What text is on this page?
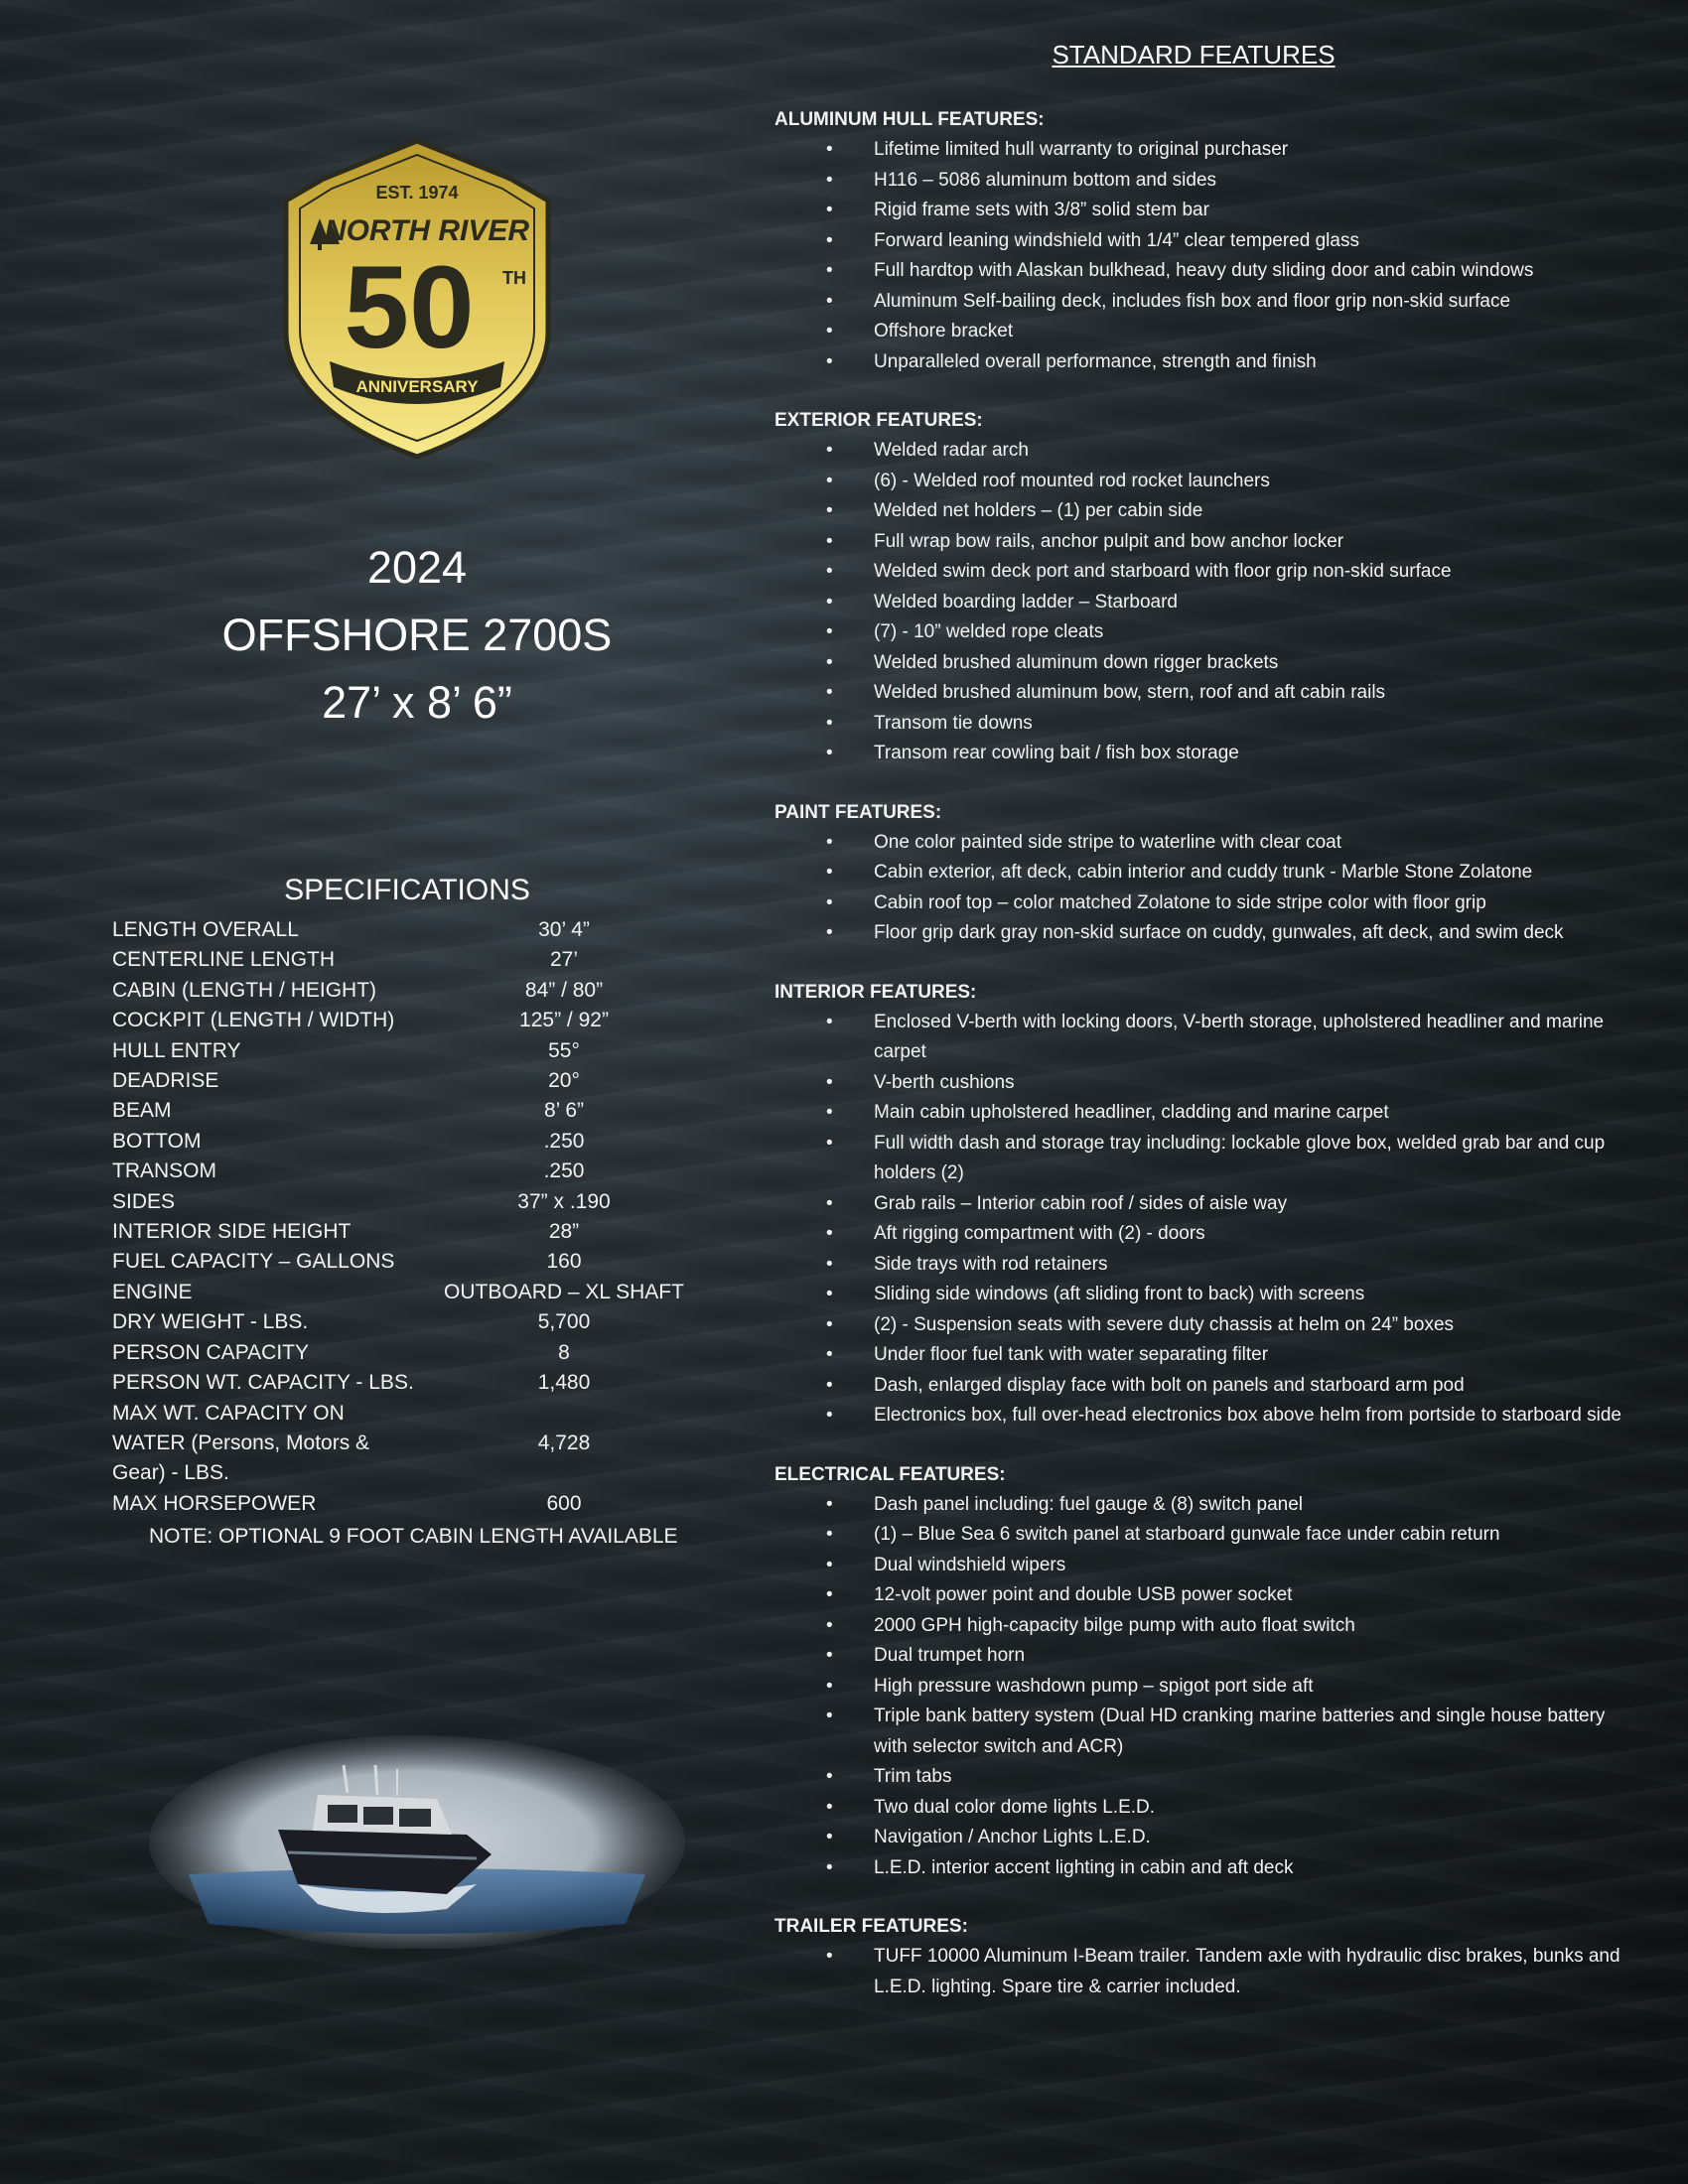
EST. 1974
NORTH RIVER
50 TH
ANNIVERSARY
2024
OFFSHORE 2700S
27’ x 8’ 6”
SPECIFICATIONS
LENGTH OVERALL	30’ 4”
CENTERLINE LENGTH	27’
CABIN (LENGTH / HEIGHT)	84” / 80”
COCKPIT (LENGTH / WIDTH)	125” / 92”
HULL ENTRY	55°
DEADRISE	20°
BEAM	8’ 6”
BOTTOM	.250
TRANSOM	.250
SIDES	37” x .190
INTERIOR SIDE HEIGHT	28”
FUEL CAPACITY – GALLONS	160
ENGINE	OUTBOARD – XL SHAFT
DRY WEIGHT - LBS.	5,700
PERSON CAPACITY	8
PERSON WT. CAPACITY - LBS.	1,480
MAX WT. CAPACITY ON WATER (Persons, Motors & Gear) - LBS.
4,728
MAX HORSEPOWER	600
NOTE: OPTIONAL 9 FOOT CABIN LENGTH AVAILABLE
STANDARD FEATURES
ALUMINUM HULL FEATURES:
• Lifetime limited hull warranty to original purchaser
• H116 – 5086 aluminum bottom and sides
• Rigid frame sets with 3/8” solid stem bar
• Forward leaning windshield with 1/4” clear tempered glass
• Full hardtop with Alaskan bulkhead, heavy duty sliding door and cabin windows
• Aluminum Self-bailing deck, includes fish box and floor grip non-skid surface
• Offshore bracket
• Unparalleled overall performance, strength and finish
EXTERIOR FEATURES:
• Welded radar arch
• (6) - Welded roof mounted rod rocket launchers
• Welded net holders – (1) per cabin side
• Full wrap bow rails, anchor pulpit and bow anchor locker
• Welded swim deck port and starboard with floor grip non-skid surface
• Welded boarding ladder – Starboard
• (7) - 10” welded rope cleats
• Welded brushed aluminum down rigger brackets
• Welded brushed aluminum bow, stern, roof and aft cabin rails
• Transom tie downs
• Transom rear cowling bait / fish box storage
PAINT FEATURES:
• One color painted side stripe to waterline with clear coat
• Cabin exterior, aft deck, cabin interior and cuddy trunk - Marble Stone Zolatone
• Cabin roof top – color matched Zolatone to side stripe color with floor grip
• Floor grip dark gray non-skid surface on cuddy, gunwales, aft deck, and swim deck
INTERIOR FEATURES:
• Enclosed V-berth with locking doors, V-berth storage, upholstered headliner and marine carpet
• V-berth cushions
• Main cabin upholstered headliner, cladding and marine carpet
• Full width dash and storage tray including: lockable glove box, welded grab bar and cup holders (2)
• Grab rails – Interior cabin roof / sides of aisle way
• Aft rigging compartment with (2) - doors
• Side trays with rod retainers
• Sliding side windows (aft sliding front to back) with screens
• (2) - Suspension seats with severe duty chassis at helm on 24” boxes
• Under floor fuel tank with water separating filter
• Dash, enlarged display face with bolt on panels and starboard arm pod
• Electronics box, full over-head electronics box above helm from portside to starboard side
ELECTRICAL FEATURES:
• Dash panel including: fuel gauge & (8) switch panel
• (1) – Blue Sea 6 switch panel at starboard gunwale face under cabin return
• Dual windshield wipers
• 12-volt power point and double USB power socket
• 2000 GPH high-capacity bilge pump with auto float switch
• Dual trumpet horn
• High pressure washdown pump – spigot port side aft
• Triple bank battery system (Dual HD cranking marine batteries and single house battery with selector switch and ACR)
• Trim tabs
• Two dual color dome lights L.E.D.
• Navigation / Anchor Lights L.E.D.
• L.E.D. interior accent lighting in cabin and aft deck
TRAILER FEATURES:
• TUFF 10000 Aluminum I-Beam trailer. Tandem axle with hydraulic disc brakes, bunks and L.E.D. lighting. Spare tire & carrier included.
